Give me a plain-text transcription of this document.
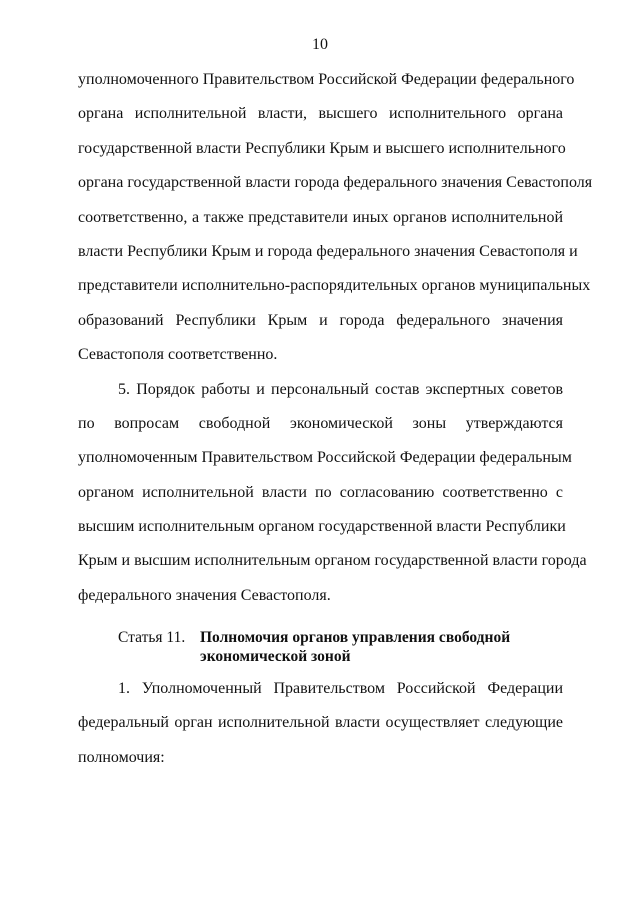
10
уполномоченного Правительством Российской Федерации федерального
органа исполнительной власти, высшего исполнительного органа
государственной власти Республики Крым и высшего исполнительного
органа государственной власти города федерального значения Севастополя
соответственно, а также представители иных органов исполнительной
власти Республики Крым и города федерального значения Севастополя и
представители исполнительно-распорядительных органов муниципальных
образований Республики Крым и города федерального значения
Севастополя соответственно.
5. Порядок работы и персональный состав экспертных советов
по вопросам свободной экономической зоны утверждаются
уполномоченным Правительством Российской Федерации федеральным
органом исполнительной власти по согласованию соответственно с
высшим исполнительным органом государственной власти Республики
Крым и высшим исполнительным органом государственной власти города
федерального значения Севастополя.
Статья 11. Полномочия органов управления свободной
экономической зоной
1. Уполномоченный Правительством Российской Федерации
федеральный орган исполнительной власти осуществляет следующие
полномочия:
